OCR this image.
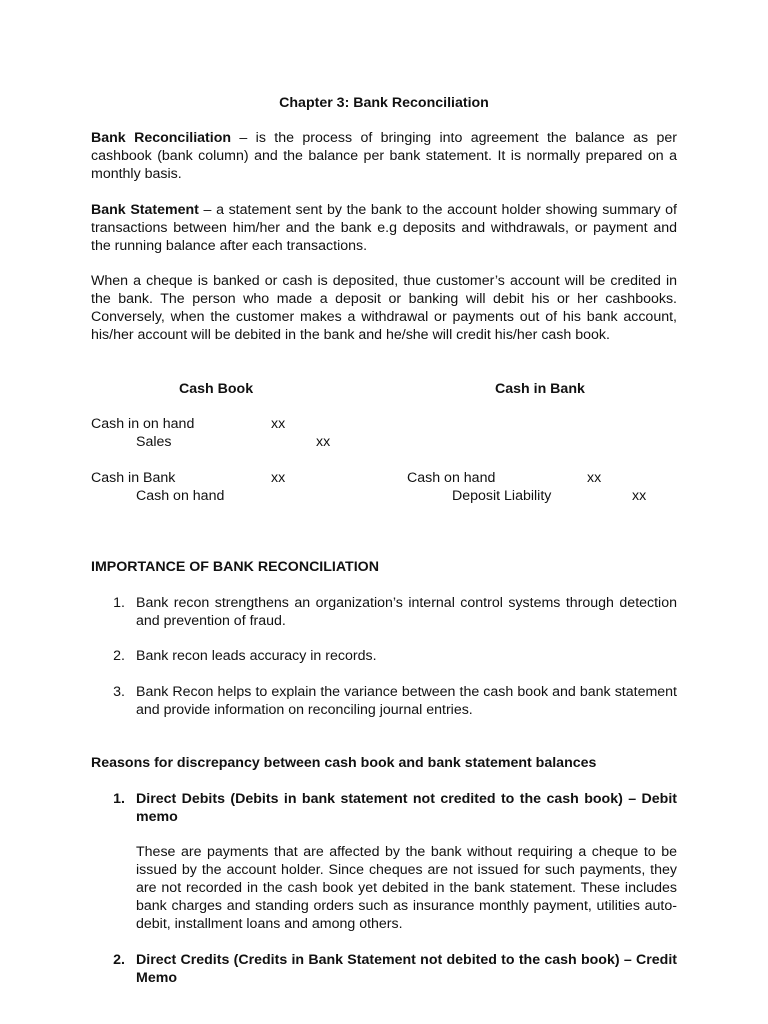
Chapter 3: Bank Reconciliation
Bank Reconciliation – is the process of bringing into agreement the balance as per cashbook (bank column) and the balance per bank statement. It is normally prepared on a monthly basis.
Bank Statement – a statement sent by the bank to the account holder showing summary of transactions between him/her and the bank e.g deposits and withdrawals, or payment and the running balance after each transactions.
When a cheque is banked or cash is deposited, thue customer’s account will be credited in the bank. The person who made a deposit or banking will debit his or her cashbooks. Conversely, when the customer makes a withdrawal or payments out of his bank account, his/her account will be debited in the bank and he/she will credit his/her cash book.
Cash Book	Cash in Bank
Cash in on hand	xx
Sales	xx
Cash in Bank	xx
Cash on hand
Cash on hand	xx
Deposit Liability	xx
IMPORTANCE OF BANK RECONCILIATION
1. Bank recon strengthens an organization’s internal control systems through detection and prevention of fraud.
2. Bank recon leads accuracy in records.
3. Bank Recon helps to explain the variance between the cash book and bank statement and provide information on reconciling journal entries.
Reasons for discrepancy between cash book and bank statement balances
1. Direct Debits (Debits in bank statement not credited to the cash book) – Debit memo
These are payments that are affected by the bank without requiring a cheque to be issued by the account holder. Since cheques are not issued for such payments, they are not recorded in the cash book yet debited in the bank statement. These includes bank charges and standing orders such as insurance monthly payment, utilities auto-debit, installment loans and among others.
2. Direct Credits (Credits in Bank Statement not debited to the cash book) – Credit Memo
